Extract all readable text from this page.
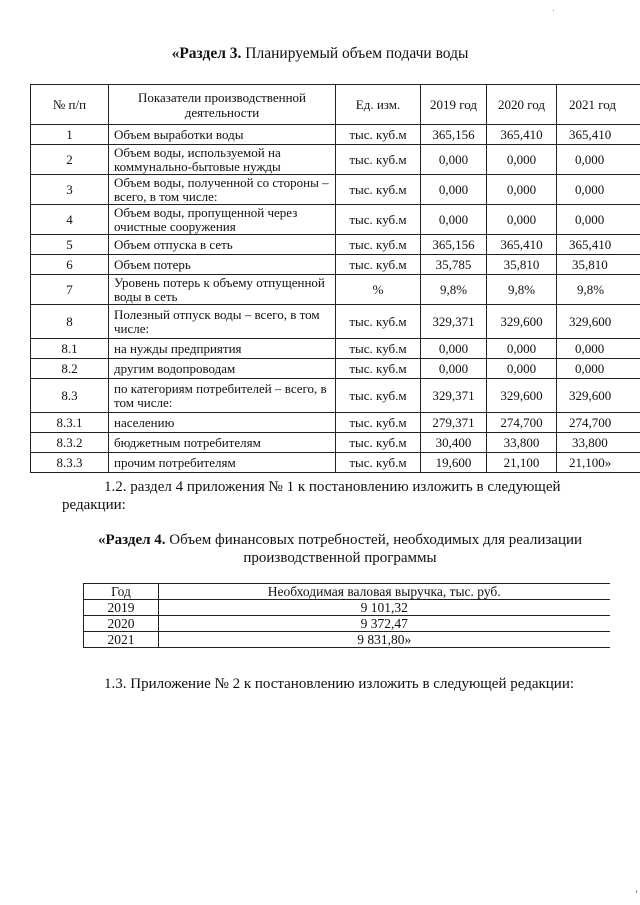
«Раздел 3. Планируемый объем подачи воды
№ п/п	Показатели производственной деятельности	Ед. изм.	2019 год	2020 год	2021 год
1	Объем выработки воды	тыс. куб.м	365,156	365,410	365,410
2	Объем воды, используемой на коммунально-бытовые нужды	тыс. куб.м	0,000	0,000	0,000
3	Объем воды, полученной со стороны – всего, в том числе:	тыс. куб.м	0,000	0,000	0,000
4	Объем воды, пропущенной через очистные сооружения	тыс. куб.м	0,000	0,000	0,000
5	Объем отпуска в сеть	тыс. куб.м	365,156	365,410	365,410
6	Объем потерь	тыс. куб.м	35,785	35,810	35,810
7	Уровень потерь к объему отпущенной воды в сеть	%	9,8%	9,8%	9,8%
8	Полезный отпуск воды – всего, в том числе:	тыс. куб.м	329,371	329,600	329,600
8.1	на нужды предприятия	тыс. куб.м	0,000	0,000	0,000
8.2	другим водопроводам	тыс. куб.м	0,000	0,000	0,000
8.3	по категориям потребителей – всего, в том числе:	тыс. куб.м	329,371	329,600	329,600
8.3.1	населению	тыс. куб.м	279,371	274,700	274,700
8.3.2	бюджетным потребителям	тыс. куб.м	30,400	33,800	33,800
8.3.3	прочим потребителям	тыс. куб.м	19,600	21,100	21,100»
1.2. раздел 4 приложения № 1 к постановлению изложить в следующей
редакции:
«Раздел 4. Объем финансовых потребностей, необходимых для реализации
производственной программы
Год	Необходимая валовая выручка, тыс. руб.
2019	9 101,32
2020	9 372,47
2021	9 831,80»
1.3. Приложение № 2 к постановлению изложить в следующей редакции:
